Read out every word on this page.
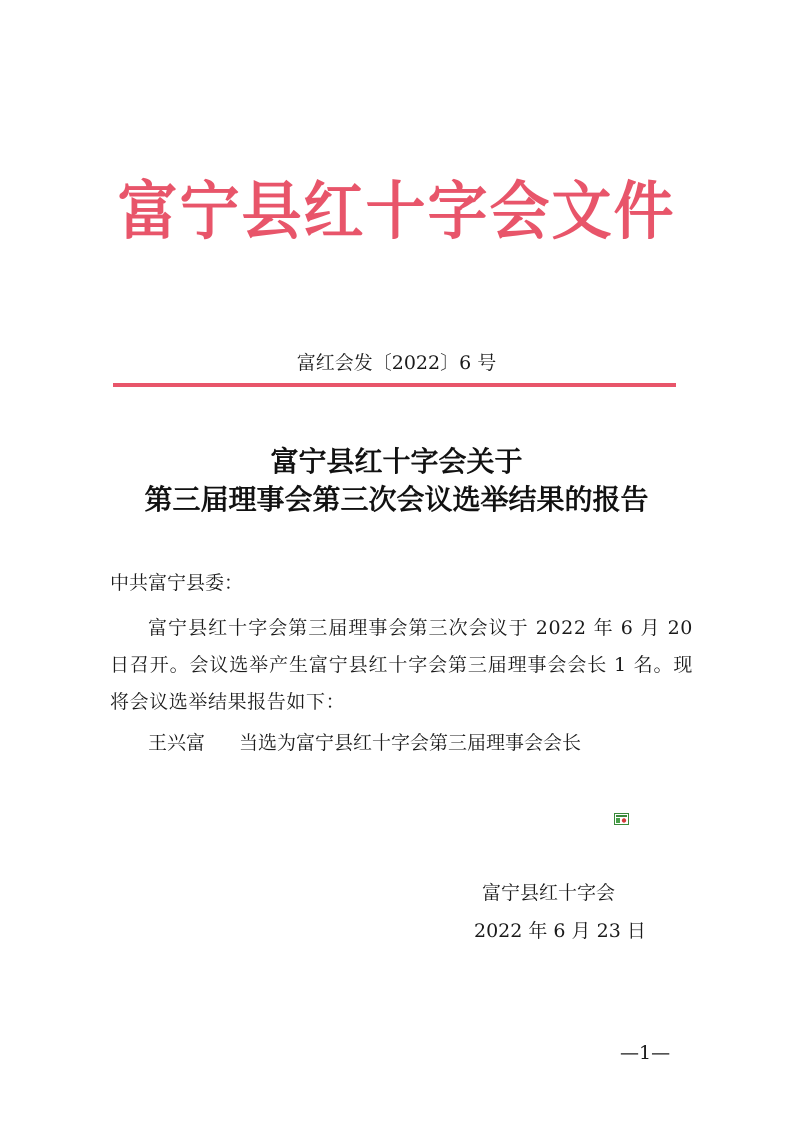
富宁县红十字会文件
富红会发〔2022〕6 号
富宁县红十字会关于
第三届理事会第三次会议选举结果的报告
中共富宁县委：

富宁县红十字会第三届理事会第三次会议于 2022 年 6 月 20 日召开。会议选举产生富宁县红十字会第三届理事会会长 1 名。现将会议选举结果报告如下：

王兴富 当选为富宁县红十字会第三届理事会会长
富宁县红十字会
2022 年 6 月 23 日
—1—
